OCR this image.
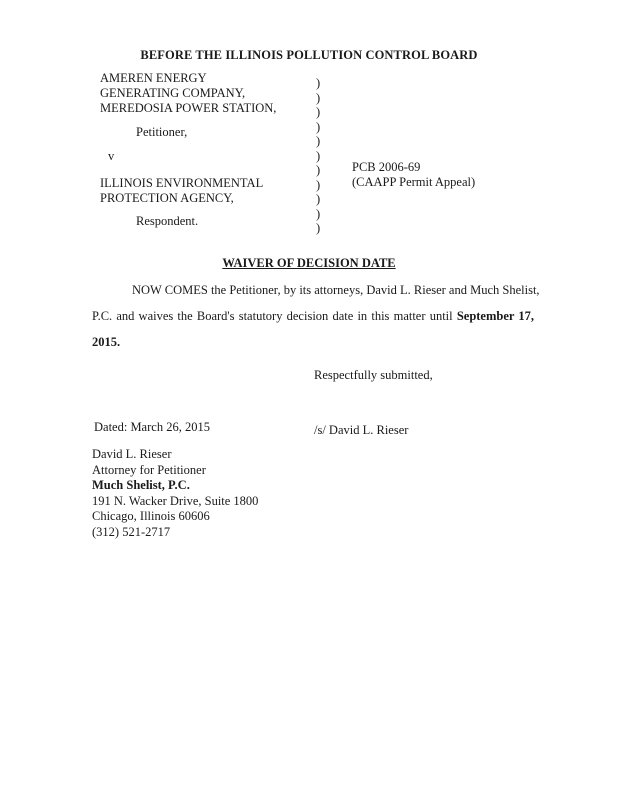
BEFORE THE ILLINOIS POLLUTION CONTROL BOARD
AMEREN ENERGY
GENERATING COMPANY,
MEREDOSIA POWER STATION,
Petitioner,
v
ILLINOIS ENVIRONMENTAL
PROTECTION AGENCY,
Respondent.
)
)
)
)
)
)
)
)
)
)
)
PCB 2006-69
(CAAPP Permit Appeal)
WAIVER OF DECISION DATE
NOW COMES the Petitioner, by its attorneys, David L. Rieser and Much Shelist,
P.C. and waives the Board's statutory decision date in this matter until September 17,
2015.
Respectfully submitted,
Dated: March 26, 2015	/s/ David L. Rieser
David L. Rieser
Attorney for Petitioner
Much Shelist, P.C.
191 N. Wacker Drive, Suite 1800
Chicago, Illinois 60606
(312) 521-2717
